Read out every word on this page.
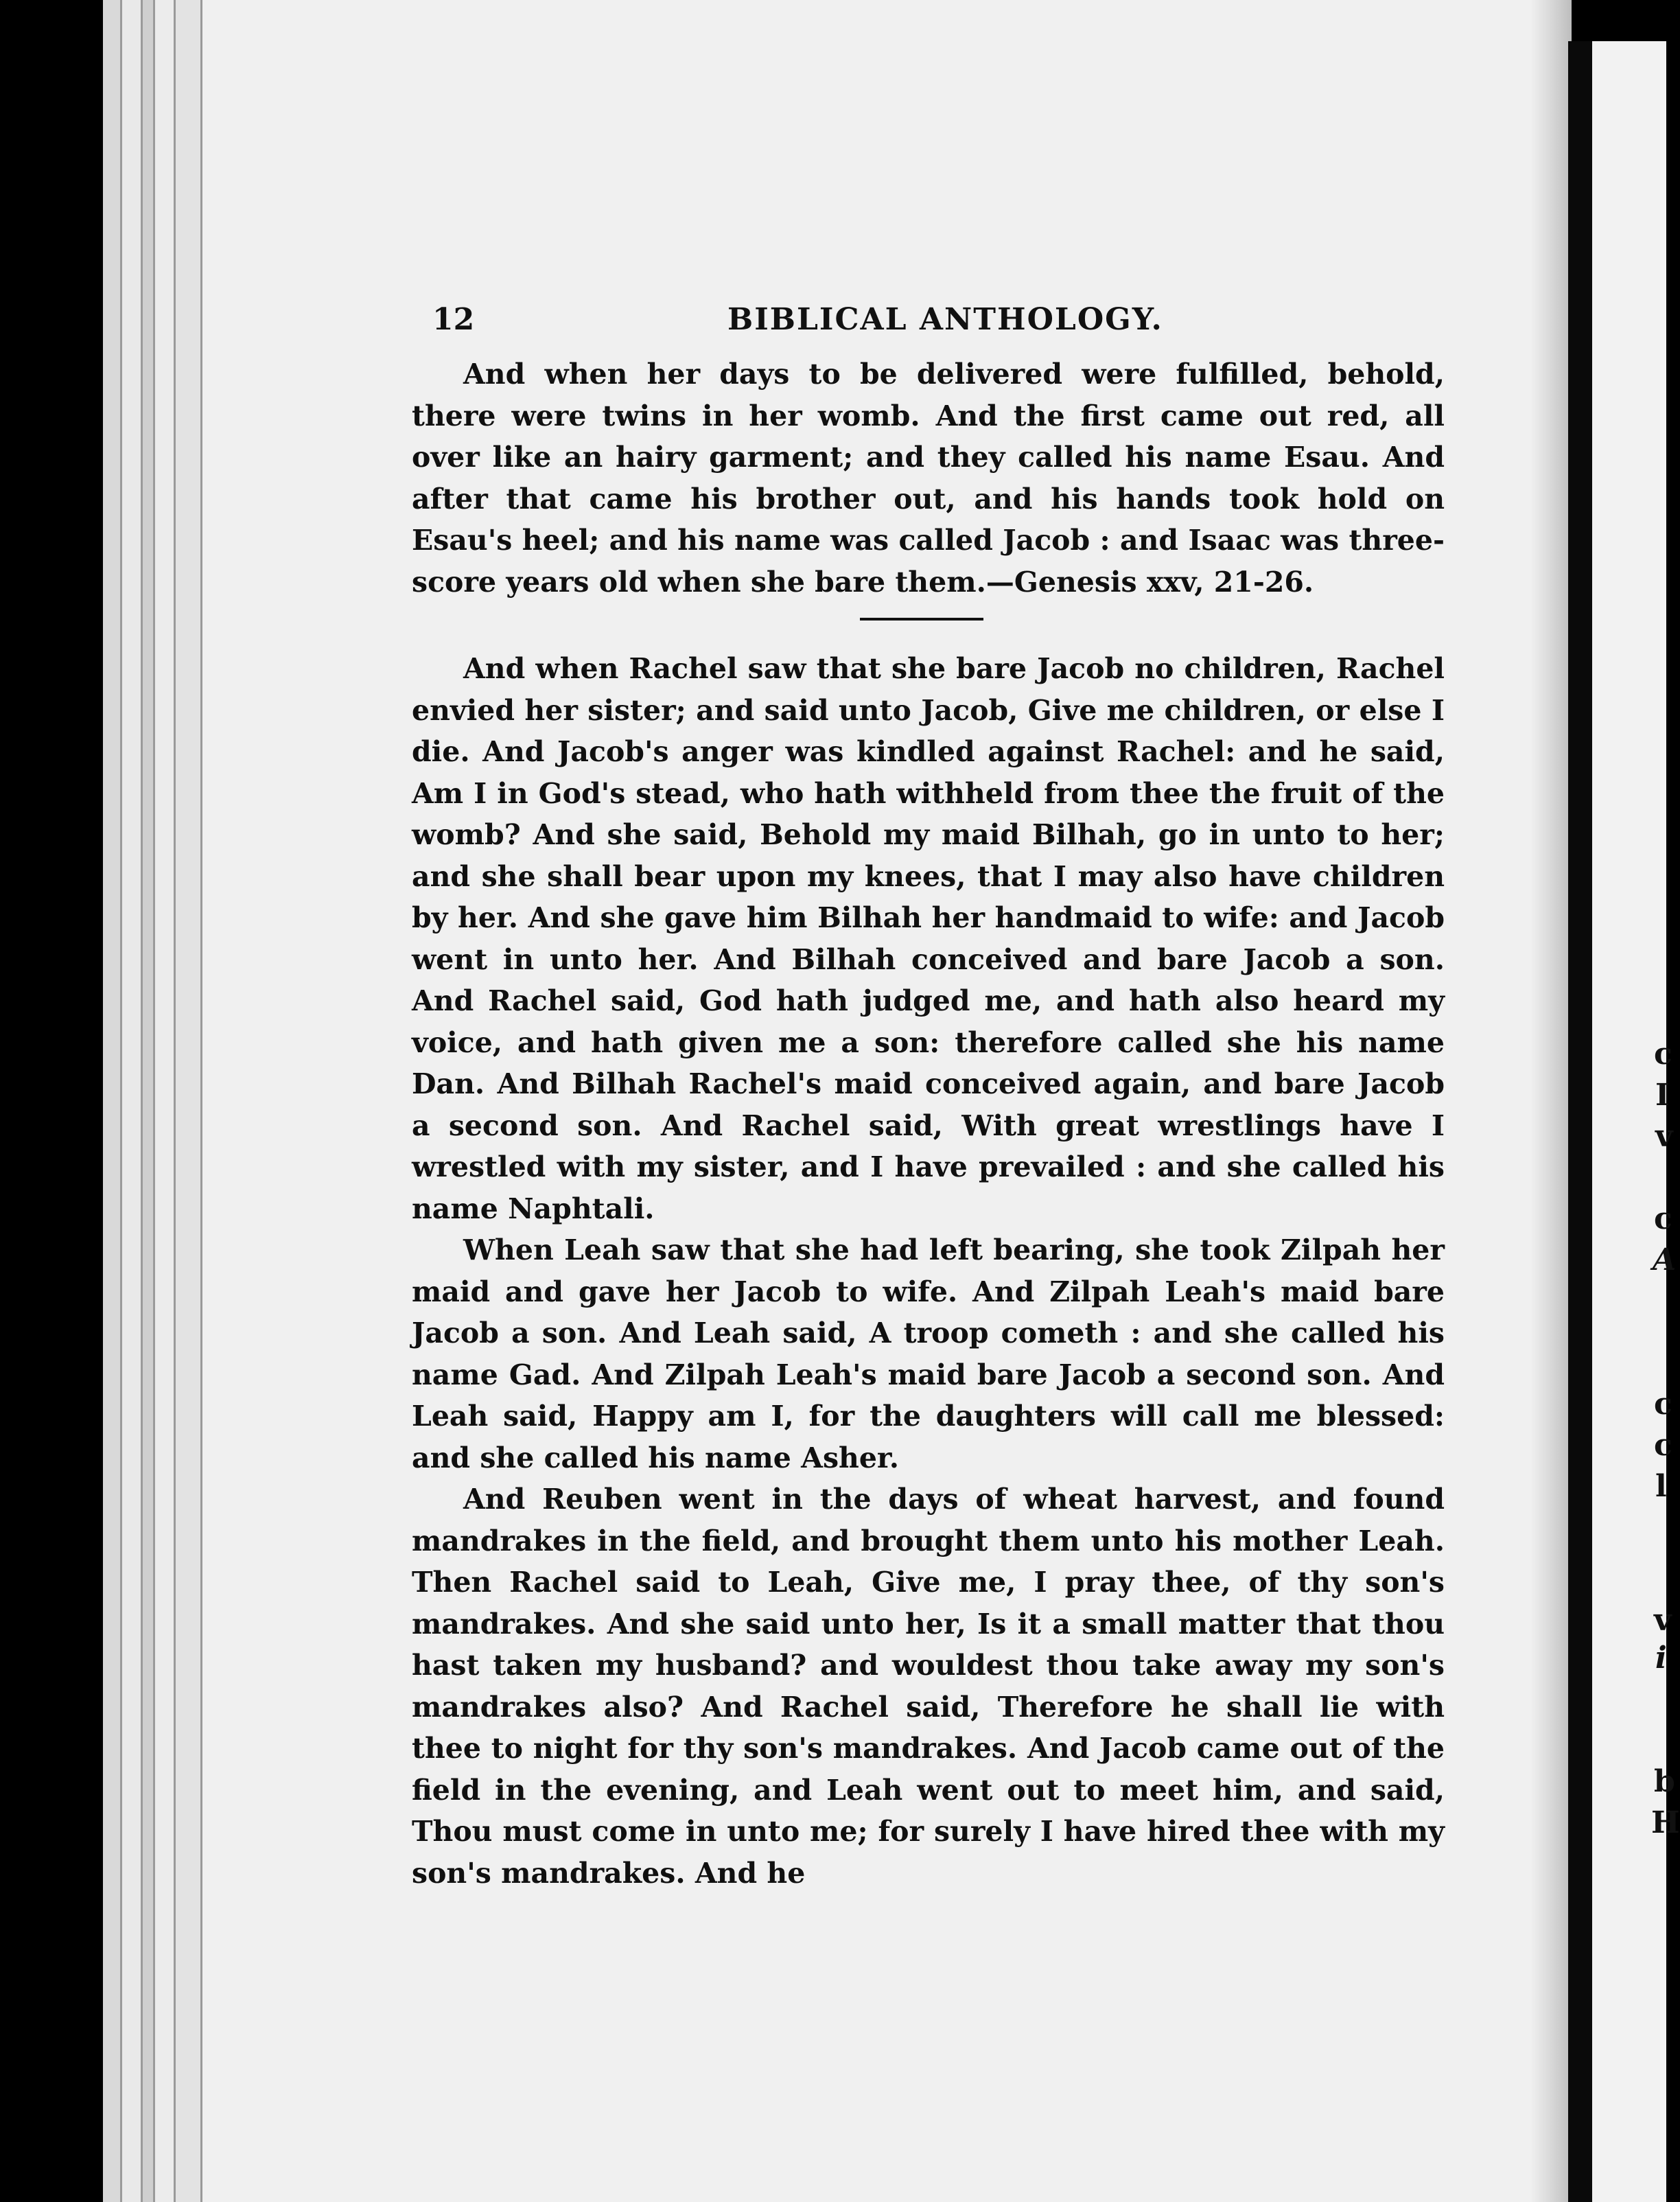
c
I
v
c
c
A
c
l
v
i
b
H
12	BIBLICAL ANTHOLOGY.

And when her days to be delivered were fulfilled, behold, there were twins in her womb. And the first came out red, all over like an hairy garment; and they called his name Esau. And after that came his brother out, and his hands took hold on Esau's heel; and his name was called Jacob : and Isaac was three-score years old when she bare them.—Genesis xxv, 21-26.

And when Rachel saw that she bare Jacob no children, Rachel envied her sister; and said unto Jacob, Give me children, or else I die. And Jacob's anger was kindled against Rachel: and he said, Am I in God's stead, who hath withheld from thee the fruit of the womb? And she said, Behold my maid Bilhah, go in unto to her; and she shall bear upon my knees, that I may also have children by her. And she gave him Bilhah her handmaid to wife: and Jacob went in unto her. And Bilhah conceived and bare Jacob a son. And Rachel said, God hath judged me, and hath also heard my voice, and hath given me a son: therefore called she his name Dan. And Bilhah Rachel's maid conceived again, and bare Jacob a second son. And Rachel said, With great wrestlings have I wrestled with my sister, and I have prevailed : and she called his name Naphtali.

When Leah saw that she had left bearing, she took Zilpah her maid and gave her Jacob to wife. And Zilpah Leah's maid bare Jacob a son. And Leah said, A troop cometh : and she called his name Gad. And Zilpah Leah's maid bare Jacob a second son. And Leah said, Happy am I, for the daughters will call me blessed: and she called his name Asher.

And Reuben went in the days of wheat harvest, and found mandrakes in the field, and brought them unto his mother Leah. Then Rachel said to Leah, Give me, I pray thee, of thy son's mandrakes. And she said unto her, Is it a small matter that thou hast taken my husband? and wouldest thou take away my son's mandrakes also? And Rachel said, Therefore he shall lie with thee to night for thy son's mandrakes. And Jacob came out of the field in the evening, and Leah went out to meet him, and said, Thou must come in unto me; for surely I have hired thee with my son's mandrakes. And he
